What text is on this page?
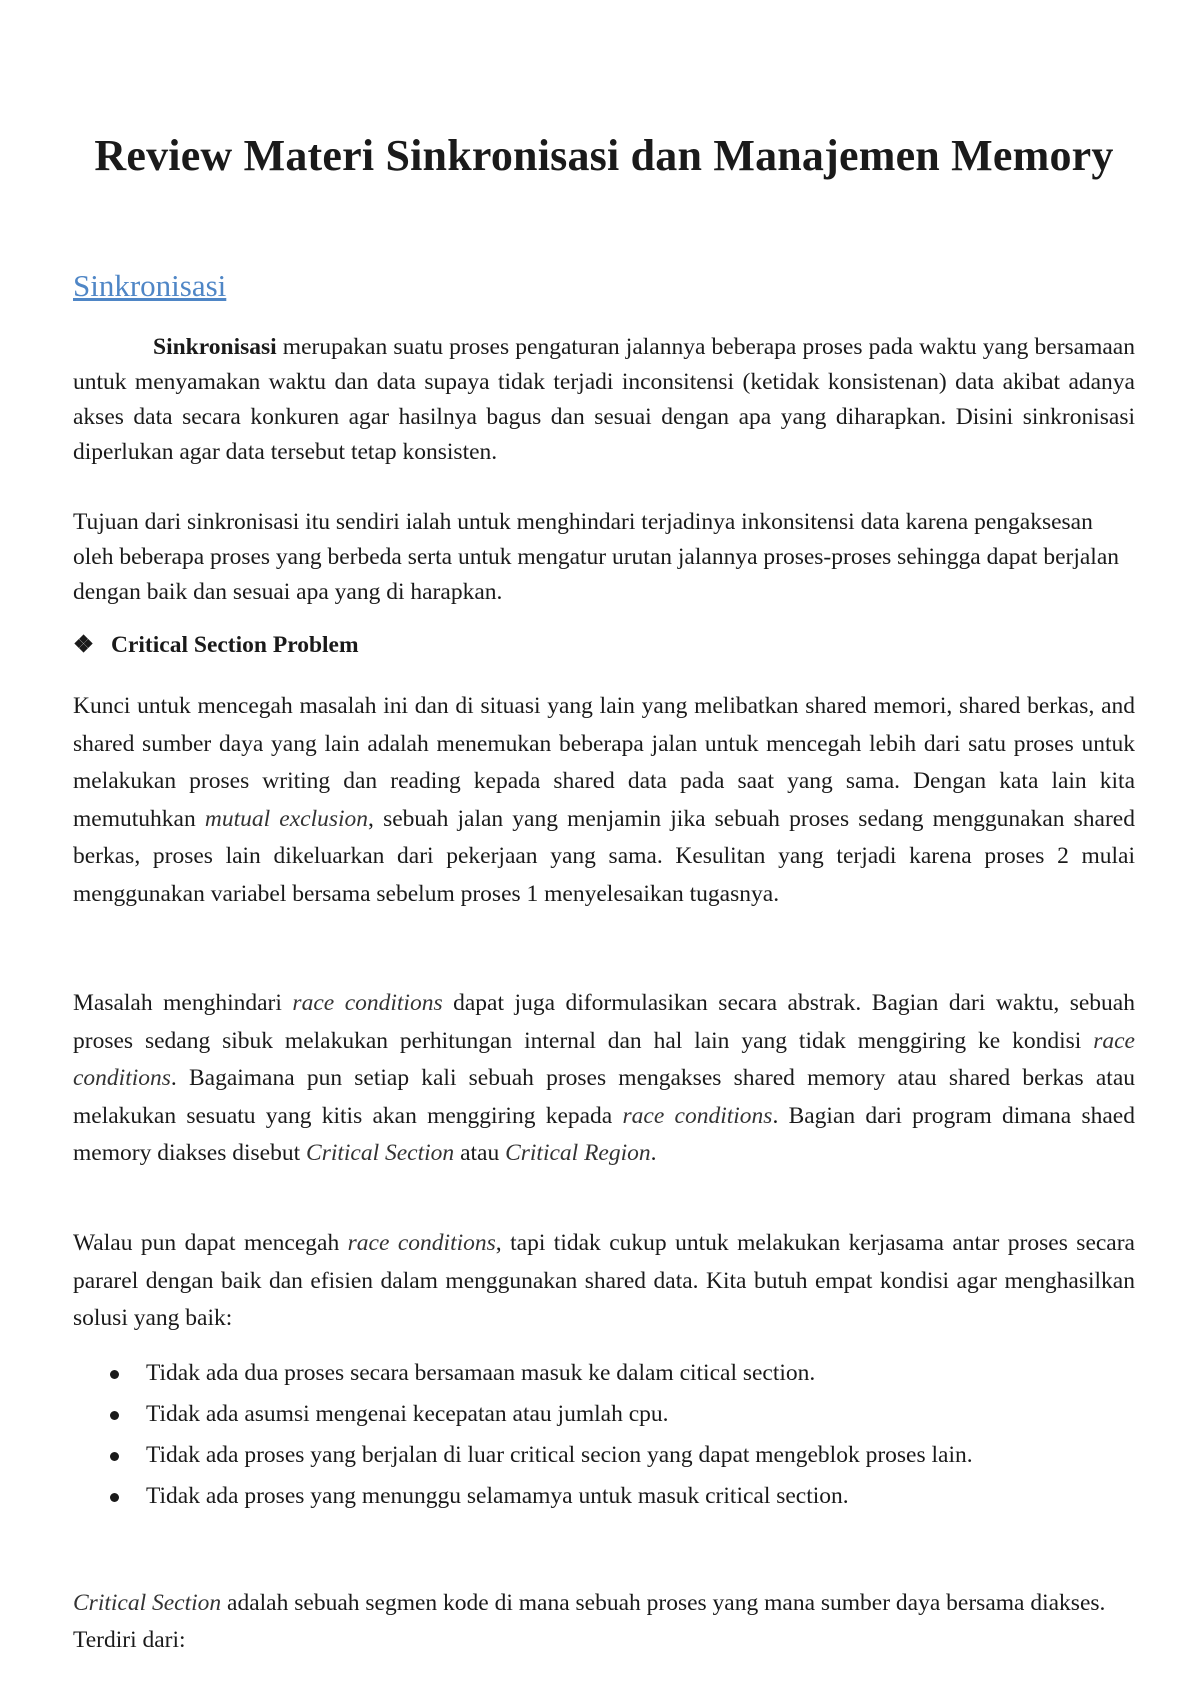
Review Materi Sinkronisasi dan Manajemen Memory
Sinkronisasi

Sinkronisasi merupakan suatu proses pengaturan jalannya beberapa proses pada waktu yang bersamaan untuk menyamakan waktu dan data supaya tidak terjadi inconsitensi (ketidak konsistenan) data akibat adanya akses data secara konkuren agar hasilnya bagus dan sesuai dengan apa yang diharapkan. Disini sinkronisasi diperlukan agar data tersebut tetap konsisten.

Tujuan dari sinkronisasi itu sendiri ialah untuk menghindari terjadinya inkonsitensi data karena pengaksesan oleh beberapa proses yang berbeda serta untuk mengatur urutan jalannya proses-proses sehingga dapat berjalan dengan baik dan sesuai apa yang di harapkan.

❖ Critical Section Problem

Kunci untuk mencegah masalah ini dan di situasi yang lain yang melibatkan shared memori, shared berkas, and shared sumber daya yang lain adalah menemukan beberapa jalan untuk mencegah lebih dari satu proses untuk melakukan proses writing dan reading kepada shared data pada saat yang sama. Dengan kata lain kita memutuhkan mutual exclusion, sebuah jalan yang menjamin jika sebuah proses sedang menggunakan shared berkas, proses lain dikeluarkan dari pekerjaan yang sama. Kesulitan yang terjadi karena proses 2 mulai menggunakan variabel bersama sebelum proses 1 menyelesaikan tugasnya.

Masalah menghindari race conditions dapat juga diformulasikan secara abstrak. Bagian dari waktu, sebuah proses sedang sibuk melakukan perhitungan internal dan hal lain yang tidak menggiring ke kondisi race conditions. Bagaimana pun setiap kali sebuah proses mengakses shared memory atau shared berkas atau melakukan sesuatu yang kitis akan menggiring kepada race conditions. Bagian dari program dimana shaed memory diakses disebut Critical Section atau Critical Region.

Walau pun dapat mencegah race conditions, tapi tidak cukup untuk melakukan kerjasama antar proses secara pararel dengan baik dan efisien dalam menggunakan shared data. Kita butuh empat kondisi agar menghasilkan solusi yang baik:

Tidak ada dua proses secara bersamaan masuk ke dalam citical section.
Tidak ada asumsi mengenai kecepatan atau jumlah cpu.
Tidak ada proses yang berjalan di luar critical secion yang dapat mengeblok proses lain.
Tidak ada proses yang menunggu selamamya untuk masuk critical section.

Critical Section adalah sebuah segmen kode di mana sebuah proses yang mana sumber daya bersama diakses. Terdiri dari:
